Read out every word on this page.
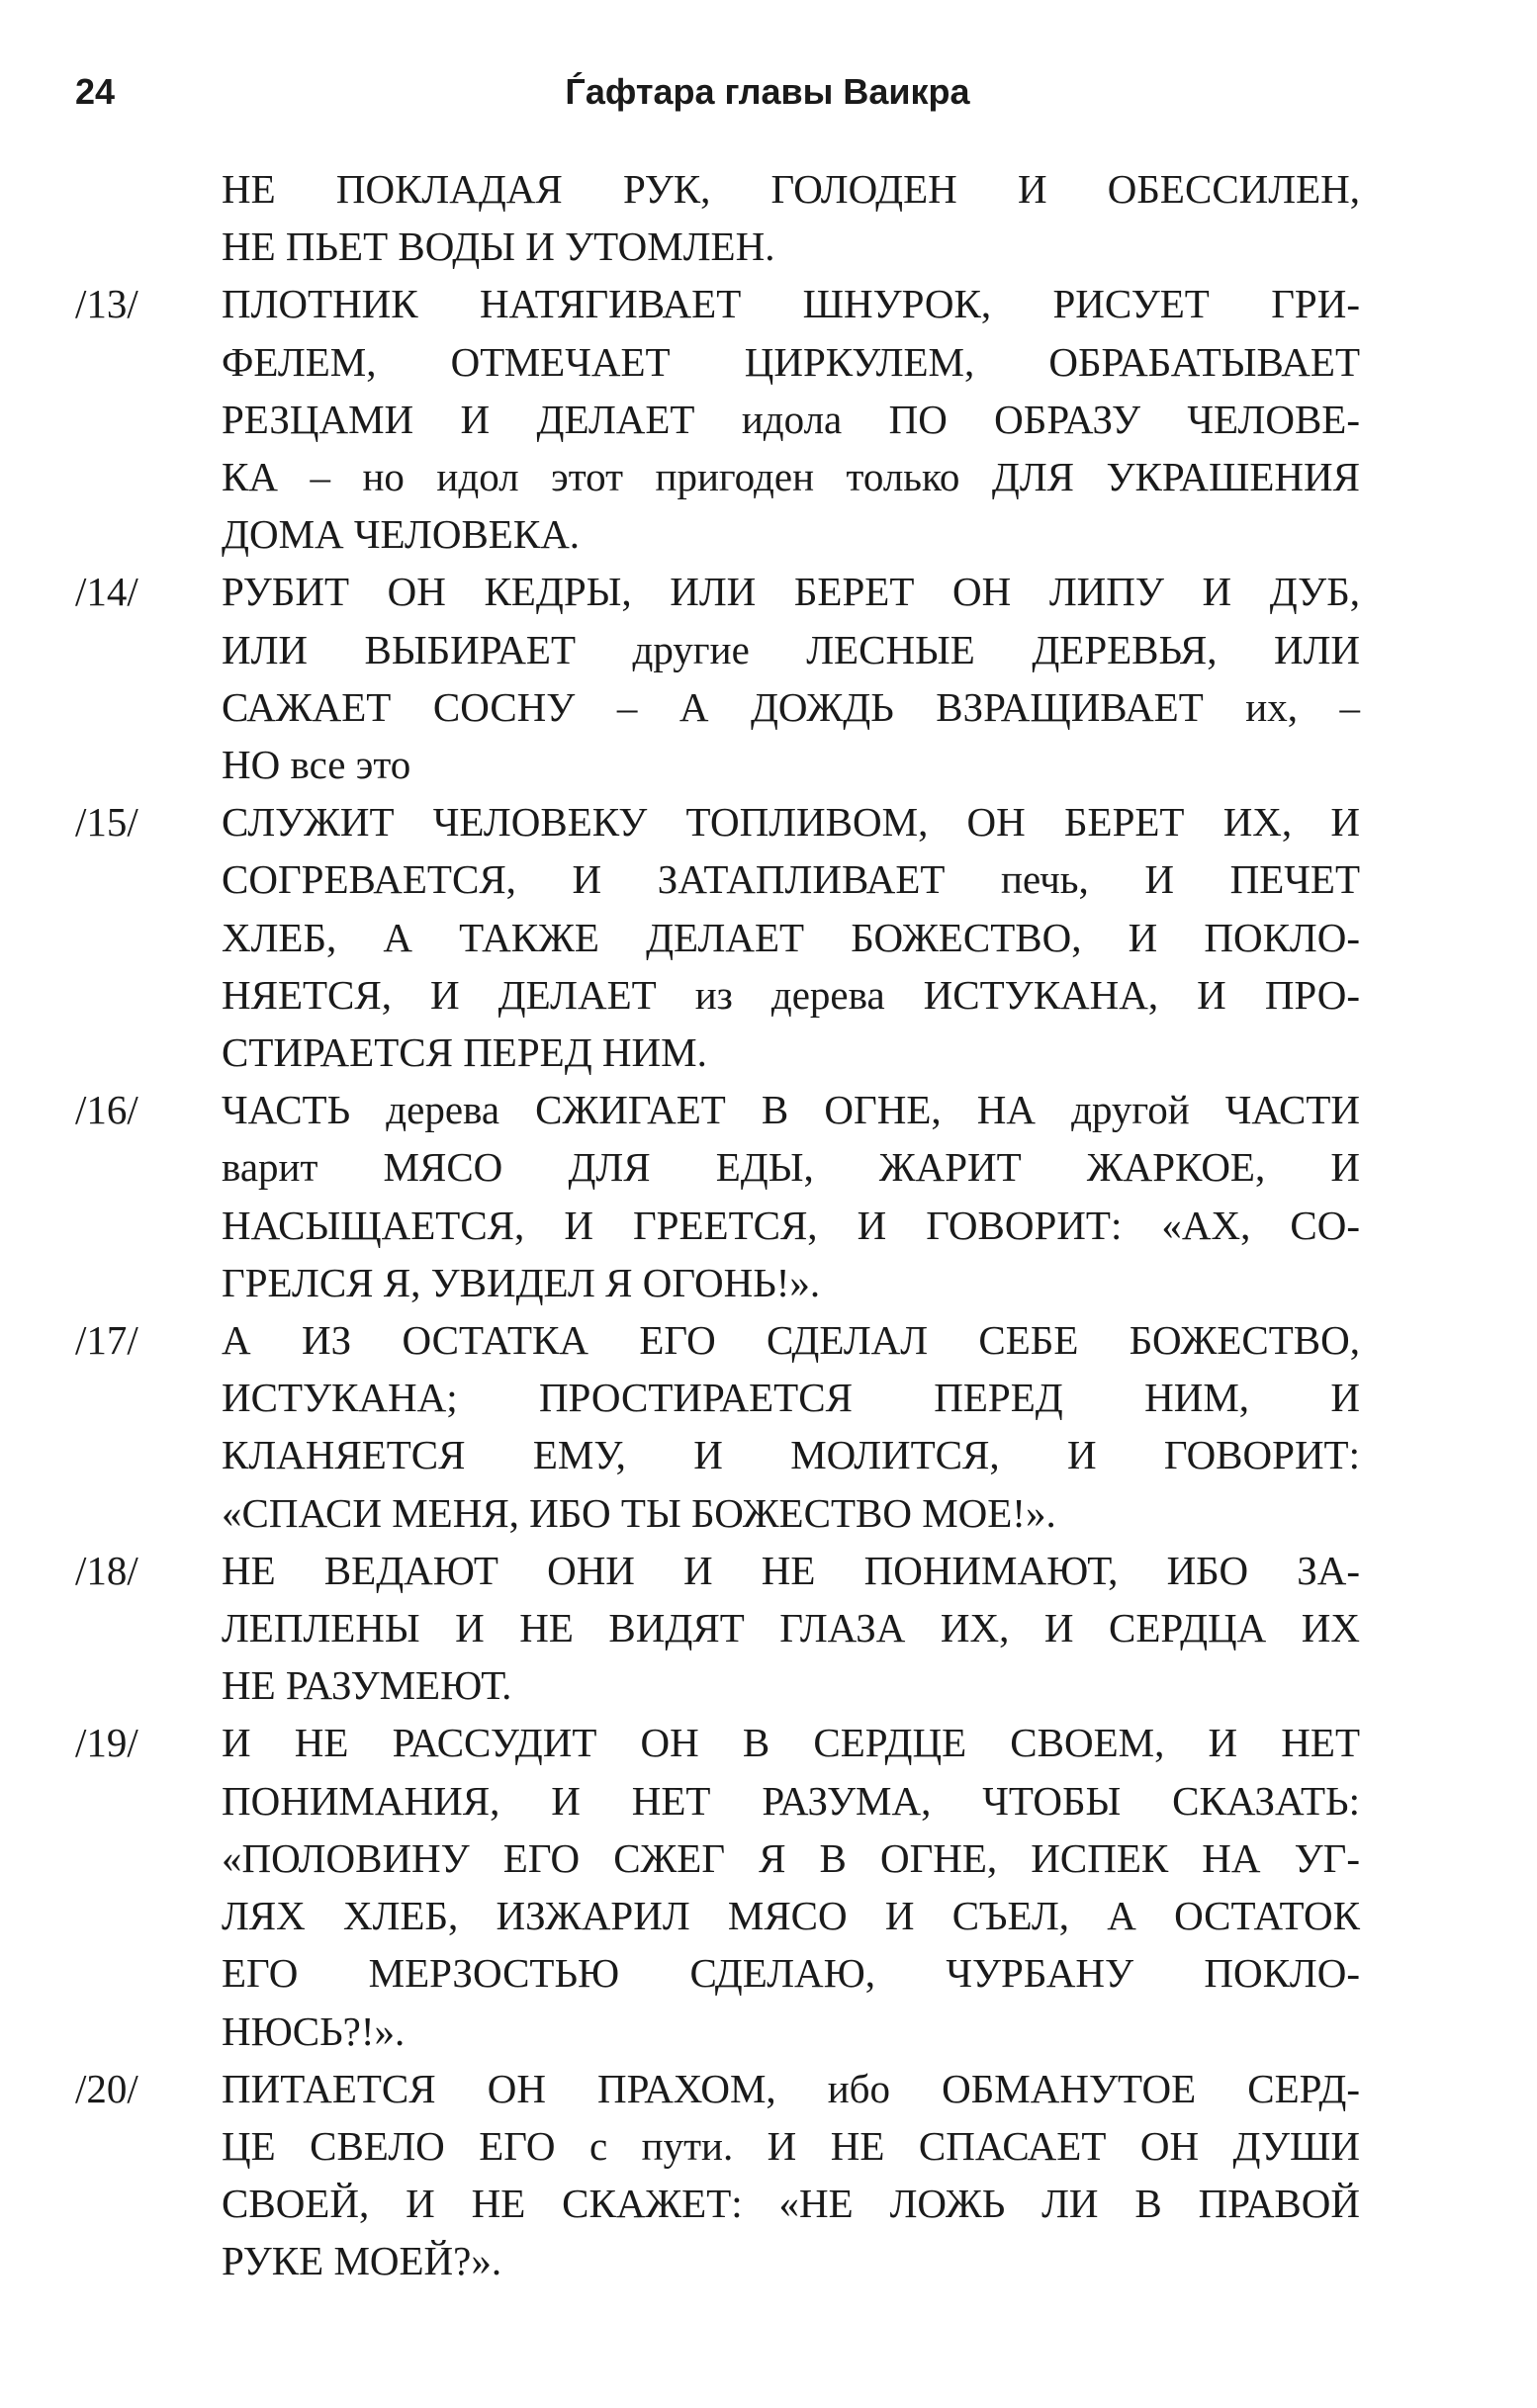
24	Ѓафтара главы Ваикра
НЕ ПОКЛАДАЯ РУК, ГОЛОДЕН И ОБЕССИЛЕН,
НЕ ПЬЕТ ВОДЫ И УТОМЛЕН.
/13/	ПЛОТНИК НАТЯГИВАЕТ ШНУРОК, РИСУЕТ ГРИ-
ФЕЛЕМ, ОТМЕЧАЕТ ЦИРКУЛЕМ, ОБРАБАТЫВАЕТ
РЕЗЦАМИ И ДЕЛАЕТ идола ПО ОБРАЗУ ЧЕЛОВЕ-
КА – но идол этот пригоден только ДЛЯ УКРАШЕНИЯ
ДОМА ЧЕЛОВЕКА.
/14/	РУБИТ ОН КЕДРЫ, ИЛИ БЕРЕТ ОН ЛИПУ И ДУБ,
ИЛИ ВЫБИРАЕТ другие ЛЕСНЫЕ ДЕРЕВЬЯ, ИЛИ
САЖАЕТ СОСНУ – А ДОЖДЬ ВЗРАЩИВАЕТ их, –
НО все это
/15/	СЛУЖИТ ЧЕЛОВЕКУ ТОПЛИВОМ, ОН БЕРЕТ ИХ, И
СОГРЕВАЕТСЯ, И ЗАТАПЛИВАЕТ печь, И ПЕЧЕТ
ХЛЕБ, А ТАКЖЕ ДЕЛАЕТ БОЖЕСТВО, И ПОКЛО-
НЯЕТСЯ, И ДЕЛАЕТ из дерева ИСТУКАНА, И ПРО-
СТИРАЕТСЯ ПЕРЕД НИМ.
/16/	ЧАСТЬ дерева СЖИГАЕТ В ОГНЕ, НА другой ЧАСТИ
варит МЯСО ДЛЯ ЕДЫ, ЖАРИТ ЖАРКОЕ, И
НАСЫЩАЕТСЯ, И ГРЕЕТСЯ, И ГОВОРИТ: «АХ, СО-
ГРЕЛСЯ Я, УВИДЕЛ Я ОГОНЬ!».
/17/	А ИЗ ОСТАТКА ЕГО СДЕЛАЛ СЕБЕ БОЖЕСТВО,
ИСТУКАНА; ПРОСТИРАЕТСЯ ПЕРЕД НИМ, И
КЛАНЯЕТСЯ ЕМУ, И МОЛИТСЯ, И ГОВОРИТ:
«СПАСИ МЕНЯ, ИБО ТЫ БОЖЕСТВО МОЕ!».
/18/	НЕ ВЕДАЮТ ОНИ И НЕ ПОНИМАЮТ, ИБО ЗА-
ЛЕПЛЕНЫ И НЕ ВИДЯТ ГЛАЗА ИХ, И СЕРДЦА ИХ
НЕ РАЗУМЕЮТ.
/19/	И НЕ РАССУДИТ ОН В СЕРДЦЕ СВОЕМ, И НЕТ
ПОНИМАНИЯ, И НЕТ РАЗУМА, ЧТОБЫ СКАЗАТЬ:
«ПОЛОВИНУ ЕГО СЖЕГ Я В ОГНЕ, ИСПЕК НА УГ-
ЛЯХ ХЛЕБ, ИЗЖАРИЛ МЯСО И СЪЕЛ, А ОСТАТОК
ЕГО МЕРЗОСТЬЮ СДЕЛАЮ, ЧУРБАНУ ПОКЛО-
НЮСЬ?!».
/20/	ПИТАЕТСЯ ОН ПРАХОМ, ибо ОБМАНУТОЕ СЕРД-
ЦЕ СВЕЛО ЕГО с пути. И НЕ СПАСАЕТ ОН ДУШИ
СВОЕЙ, И НЕ СКАЖЕТ: «НЕ ЛОЖЬ ЛИ В ПРАВОЙ
РУКЕ МОЕЙ?».
